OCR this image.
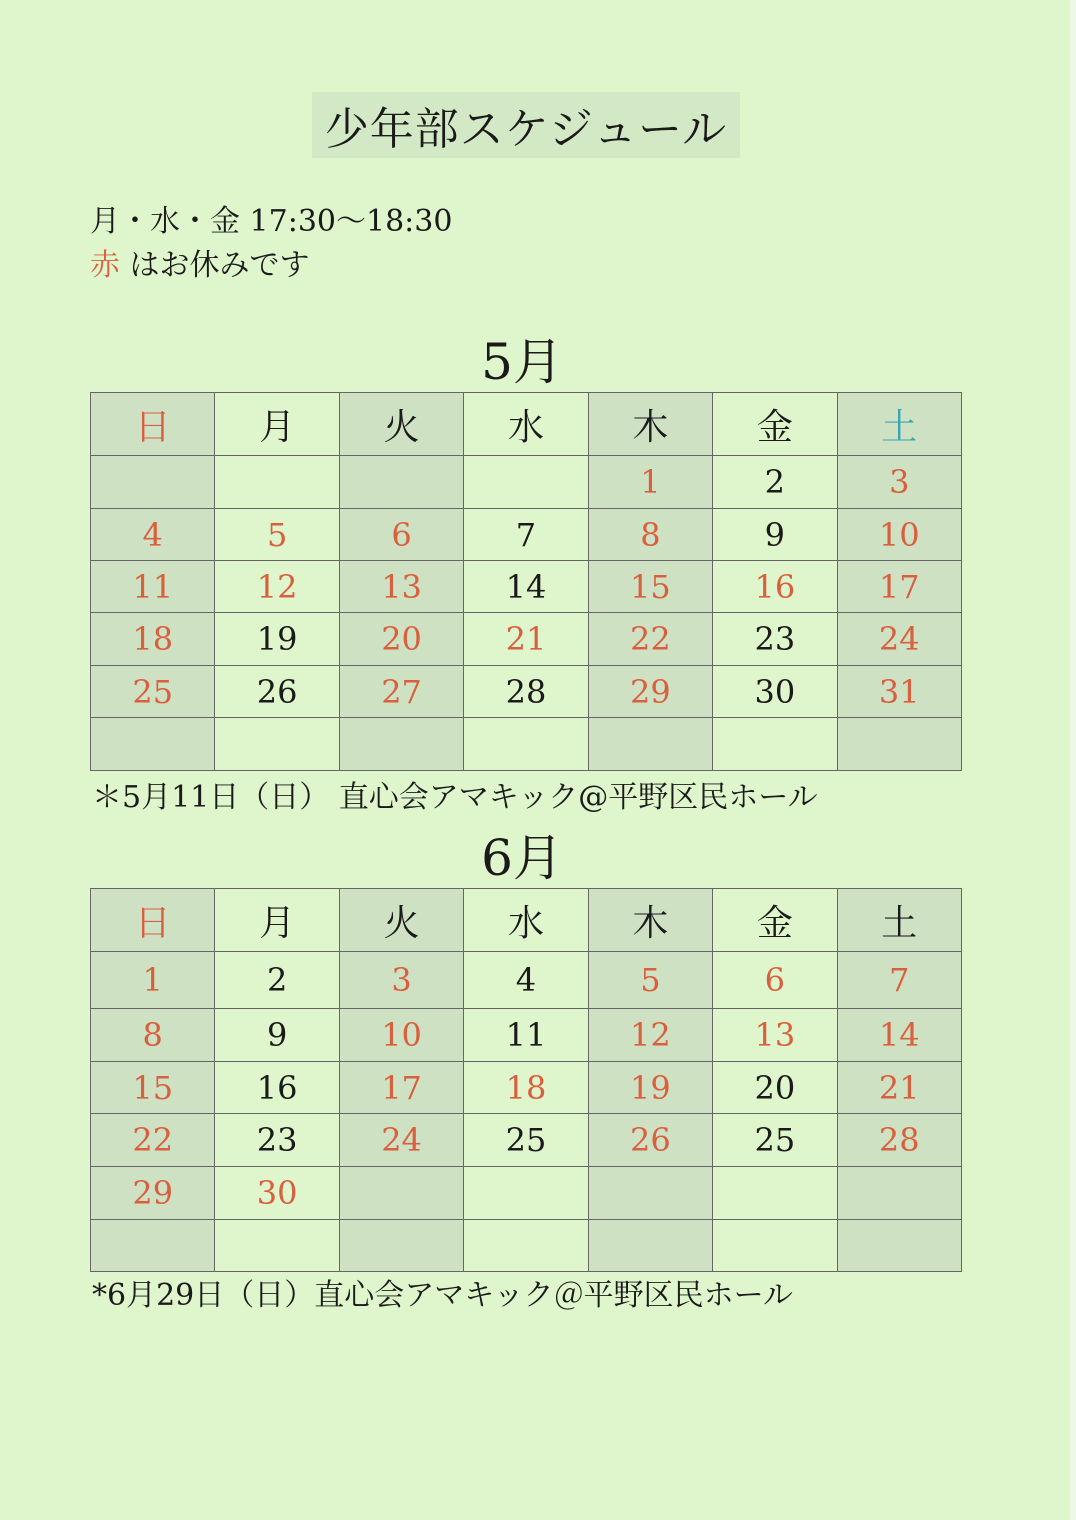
少年部スケジュール
月・水・金 17:30～18:30
赤 はお休みです
5月
日	月	火	水	木	金	土
				1	2	3
4	5	6	7	8	9	10
11	12	13	14	15	16	17
18	19	20	21	22	23	24
25	26	27	28	29	30	31

＊5月11日（日） 直心会アマキック@平野区民ホール
6月
日	月	火	水	木	金	土
1	2	3	4	5	6	7
8	9	10	11	12	13	14
15	16	17	18	19	20	21
22	23	24	25	26	25	28
29	30					

*6月29日（日）直心会アマキック＠平野区民ホール
